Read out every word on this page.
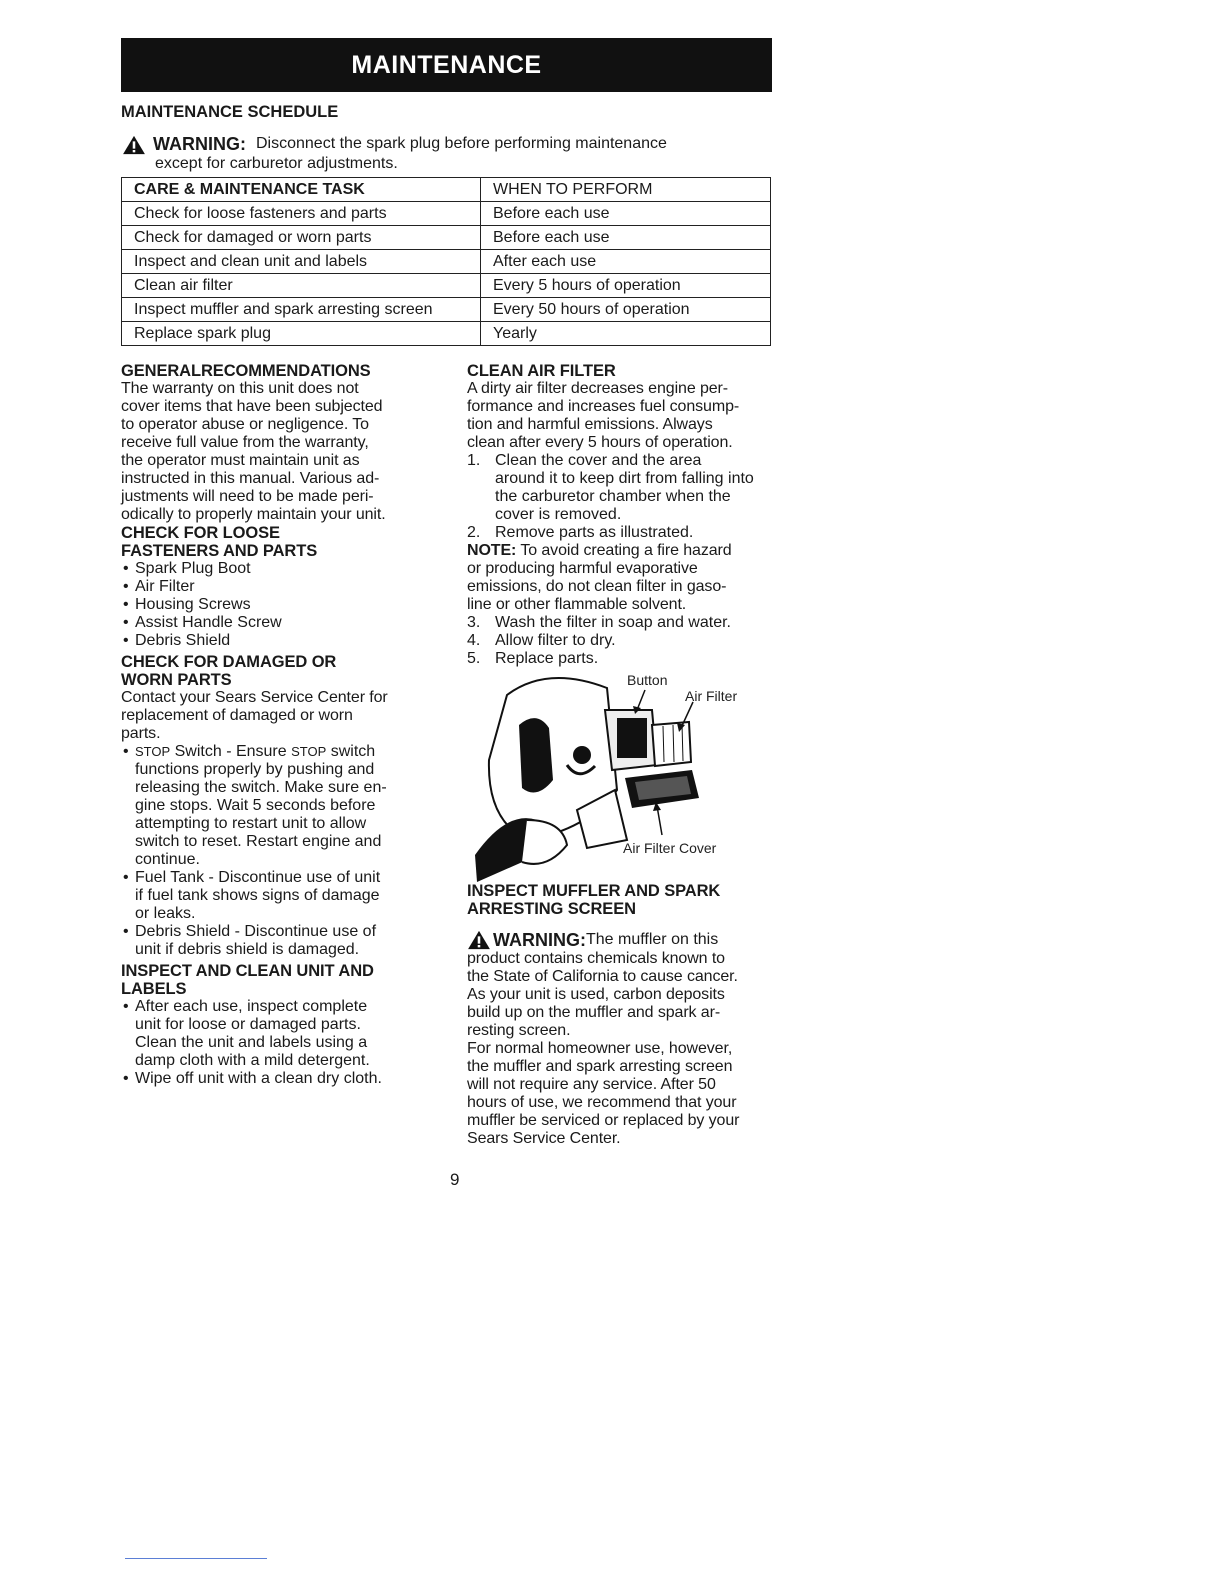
MAINTENANCE

MAINTENANCE SCHEDULE

WARNING: Disconnect the spark plug before performing maintenance

except for carburetor adjustments.

CARE & MAINTENANCE TASK	WHEN TO PERFORM
Check for loose fasteners and parts	Before each use
Check for damaged or worn parts	Before each use
Inspect and clean unit and labels	After each use
Clean air filter	Every 5 hours of operation
Inspect muffler and spark arresting screen	Every 50 hours of operation
Replace spark plug	Yearly

GENERALRECOMMENDATIONS

The warranty on this unit does not

cover items that have been subjected

to operator abuse or negligence. To

receive full value from the warranty,

the operator must maintain unit as

instructed in this manual. Various ad-

justments will need to be made peri-

odically to properly maintain your unit.

CHECK FOR LOOSE

FASTENERS AND PARTS

• Spark Plug Boot
• Air Filter
• Housing Screws
• Assist Handle Screw
• Debris Shield

CHECK FOR DAMAGED OR

WORN PARTS

Contact your Sears Service Center for

replacement of damaged or worn

parts.

• STOP Switch - Ensure STOP switch
functions properly by pushing and
releasing the switch. Make sure en-
gine stops. Wait 5 seconds before
attempting to restart unit to allow
switch to reset. Restart engine and
continue.
• Fuel Tank - Discontinue use of unit
if fuel tank shows signs of damage
or leaks.
• Debris Shield - Discontinue use of
unit if debris shield is damaged.

INSPECT AND CLEAN UNIT AND

LABELS

• After each use, inspect complete
unit for loose or damaged parts.
Clean the unit and labels using a
damp cloth with a mild detergent.
• Wipe off unit with a clean dry cloth.

CLEAN AIR FILTER

A dirty air filter decreases engine per-

formance and increases fuel consump-

tion and harmful emissions. Always

clean after every 5 hours of operation.

1. Clean the cover and the area
around it to keep dirt from falling into
the carburetor chamber when the
cover is removed.
2. Remove parts as illustrated.

NOTE: To avoid creating a fire hazard

or producing harmful evaporative

emissions, do not clean filter in gaso-

line or other flammable solvent.

3. Wash the filter in soap and water.
4. Allow filter to dry.
5. Replace parts.
Button
Air Filter
Air Filter Cover

INSPECT MUFFLER AND SPARK

ARRESTING SCREEN

WARNING: The muffler on this

product contains chemicals known to

the State of California to cause cancer.

As your unit is used, carbon deposits

build up on the muffler and spark ar-

resting screen.

For normal homeowner use, however,

the muffler and spark arresting screen

will not require any service. After 50

hours of use, we recommend that your

muffler be serviced or replaced by your

Sears Service Center.

9
